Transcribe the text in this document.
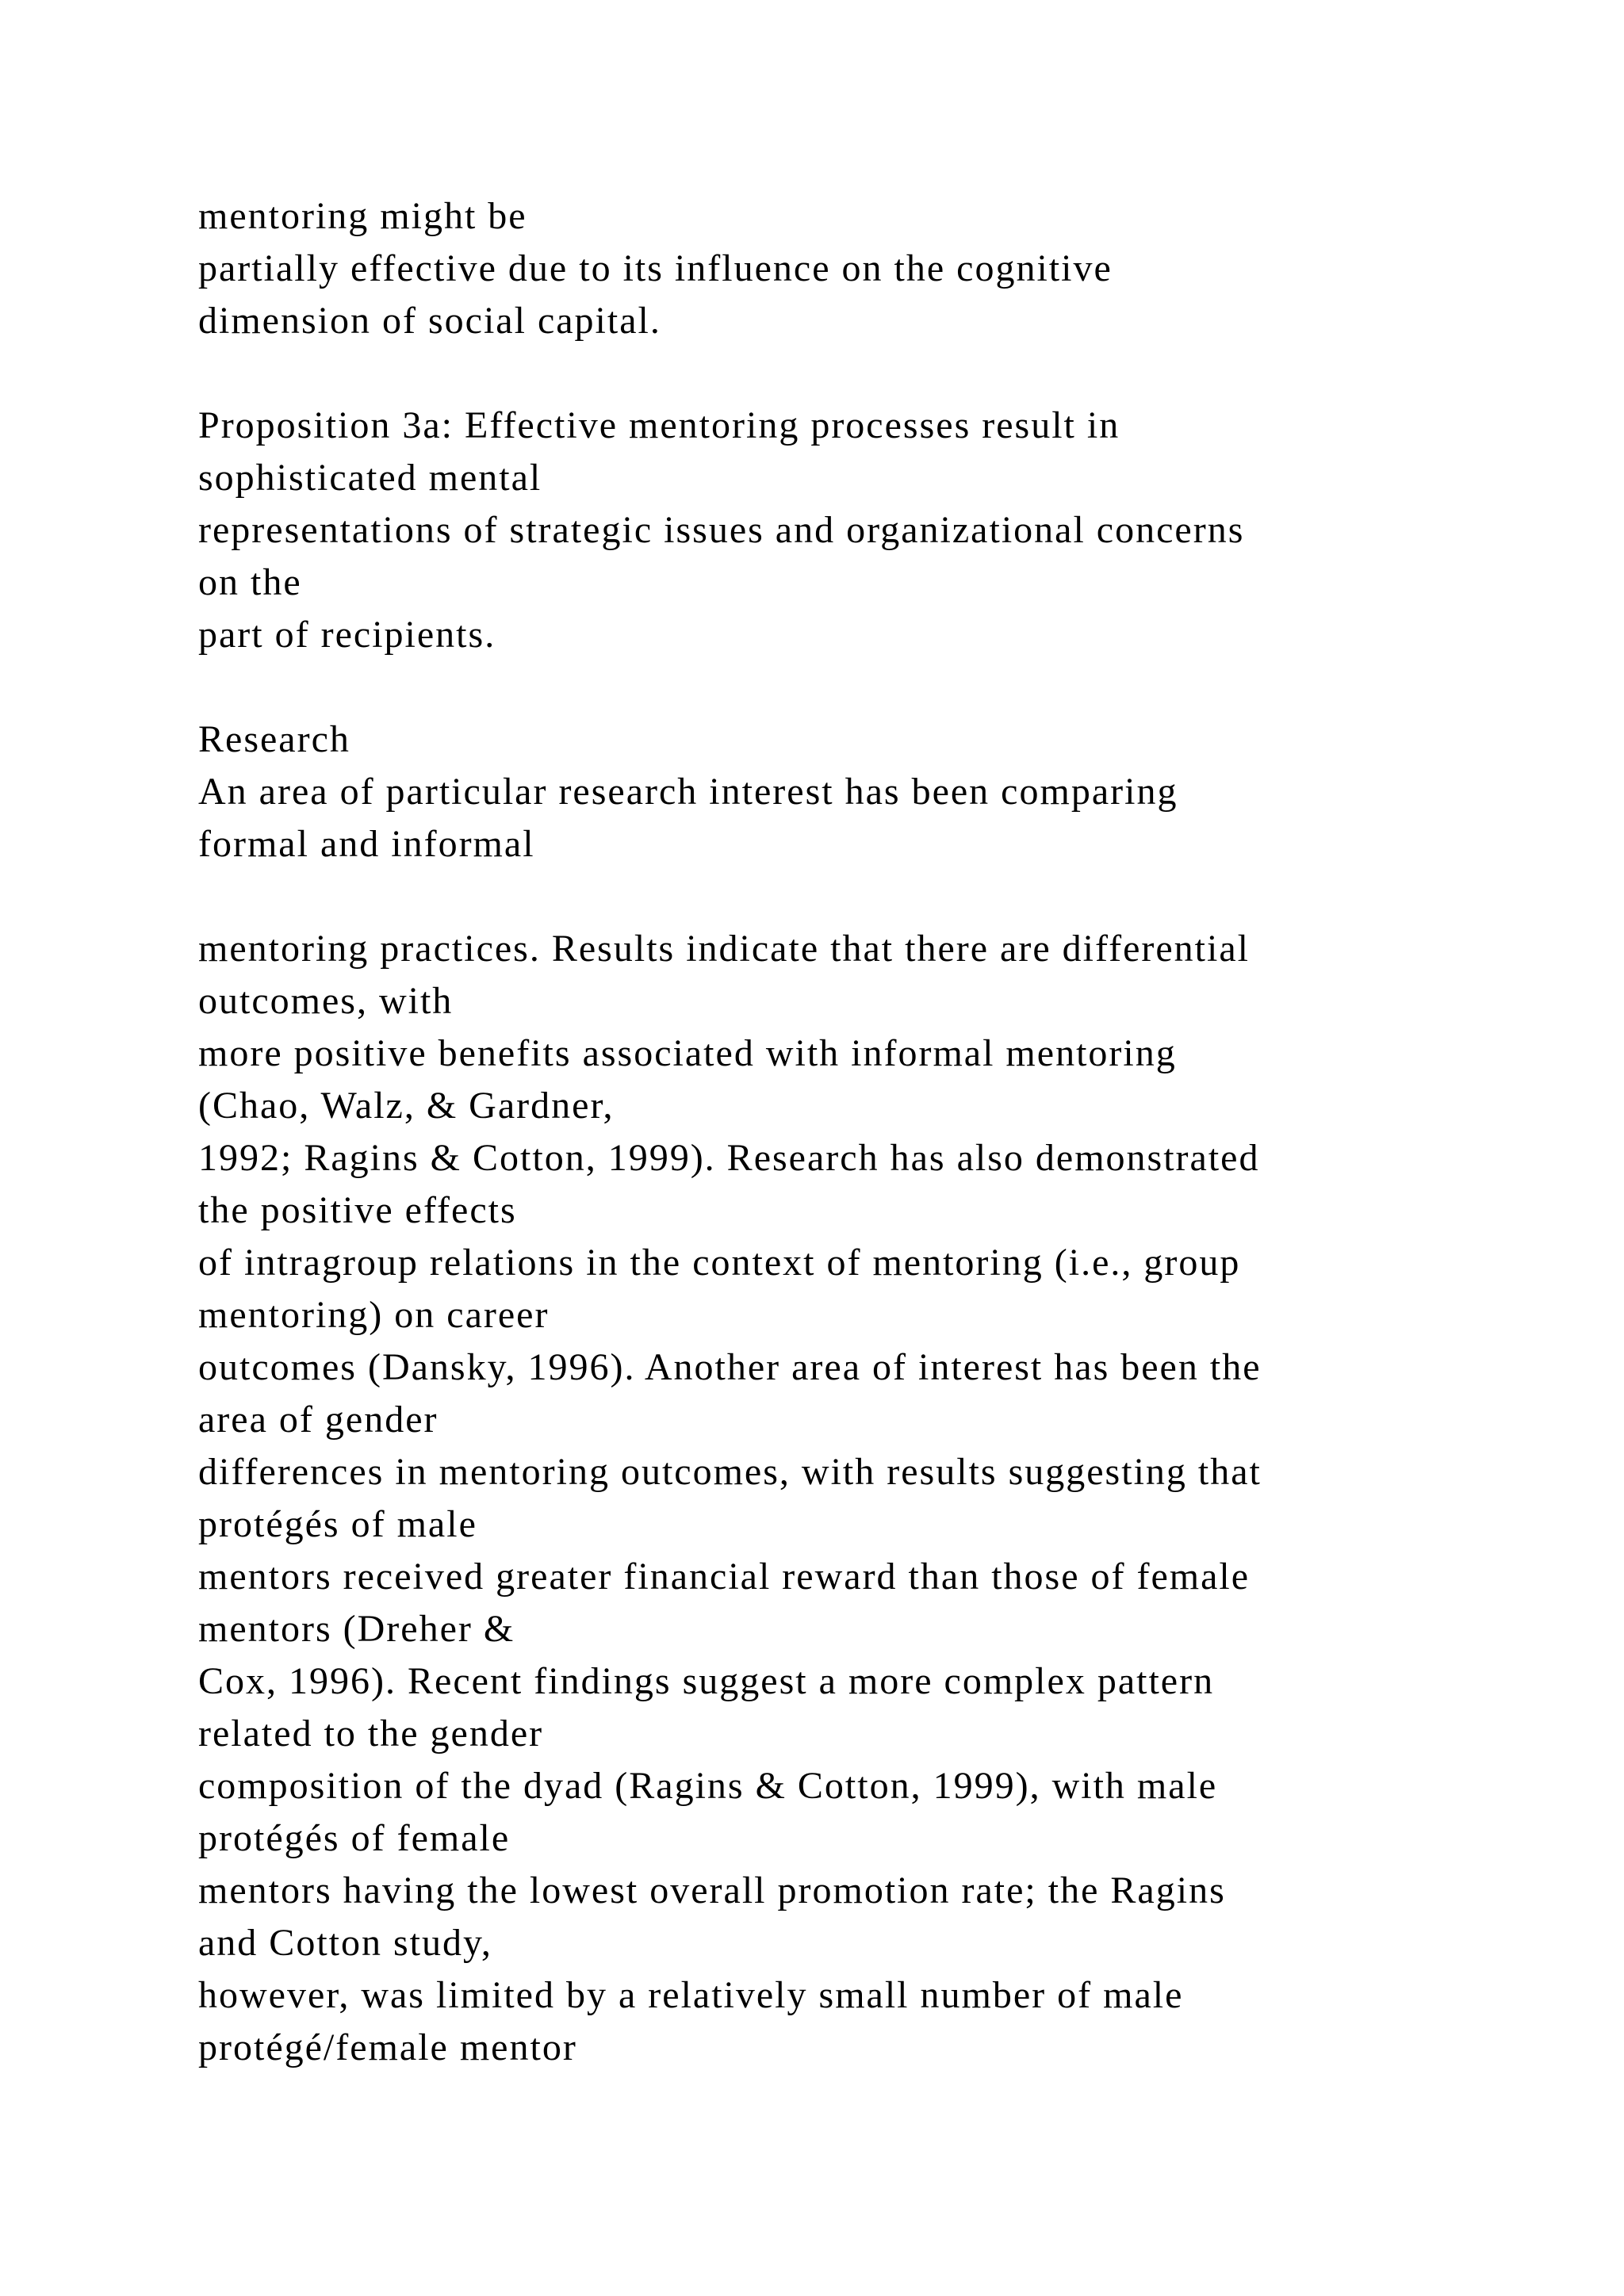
mentoring might be
partially effective due to its influence on the cognitive
dimension of social capital.
Proposition 3a: Effective mentoring processes result in
sophisticated mental
representations of strategic issues and organizational concerns
on the
part of recipients.
Research
An area of particular research interest has been comparing
formal and informal
mentoring practices. Results indicate that there are differential
outcomes, with
more positive benefits associated with informal mentoring
(Chao, Walz, & Gardner,
1992; Ragins & Cotton, 1999). Research has also demonstrated
the positive effects
of intragroup relations in the context of mentoring (i.e., group
mentoring) on career
outcomes (Dansky, 1996). Another area of interest has been the
area of gender
differences in mentoring outcomes, with results suggesting that
protégés of male
mentors received greater financial reward than those of female
mentors (Dreher &
Cox, 1996). Recent findings suggest a more complex pattern
related to the gender
composition of the dyad (Ragins & Cotton, 1999), with male
protégés of female
mentors having the lowest overall promotion rate; the Ragins
and Cotton study,
however, was limited by a relatively small number of male
protégé/female mentor
